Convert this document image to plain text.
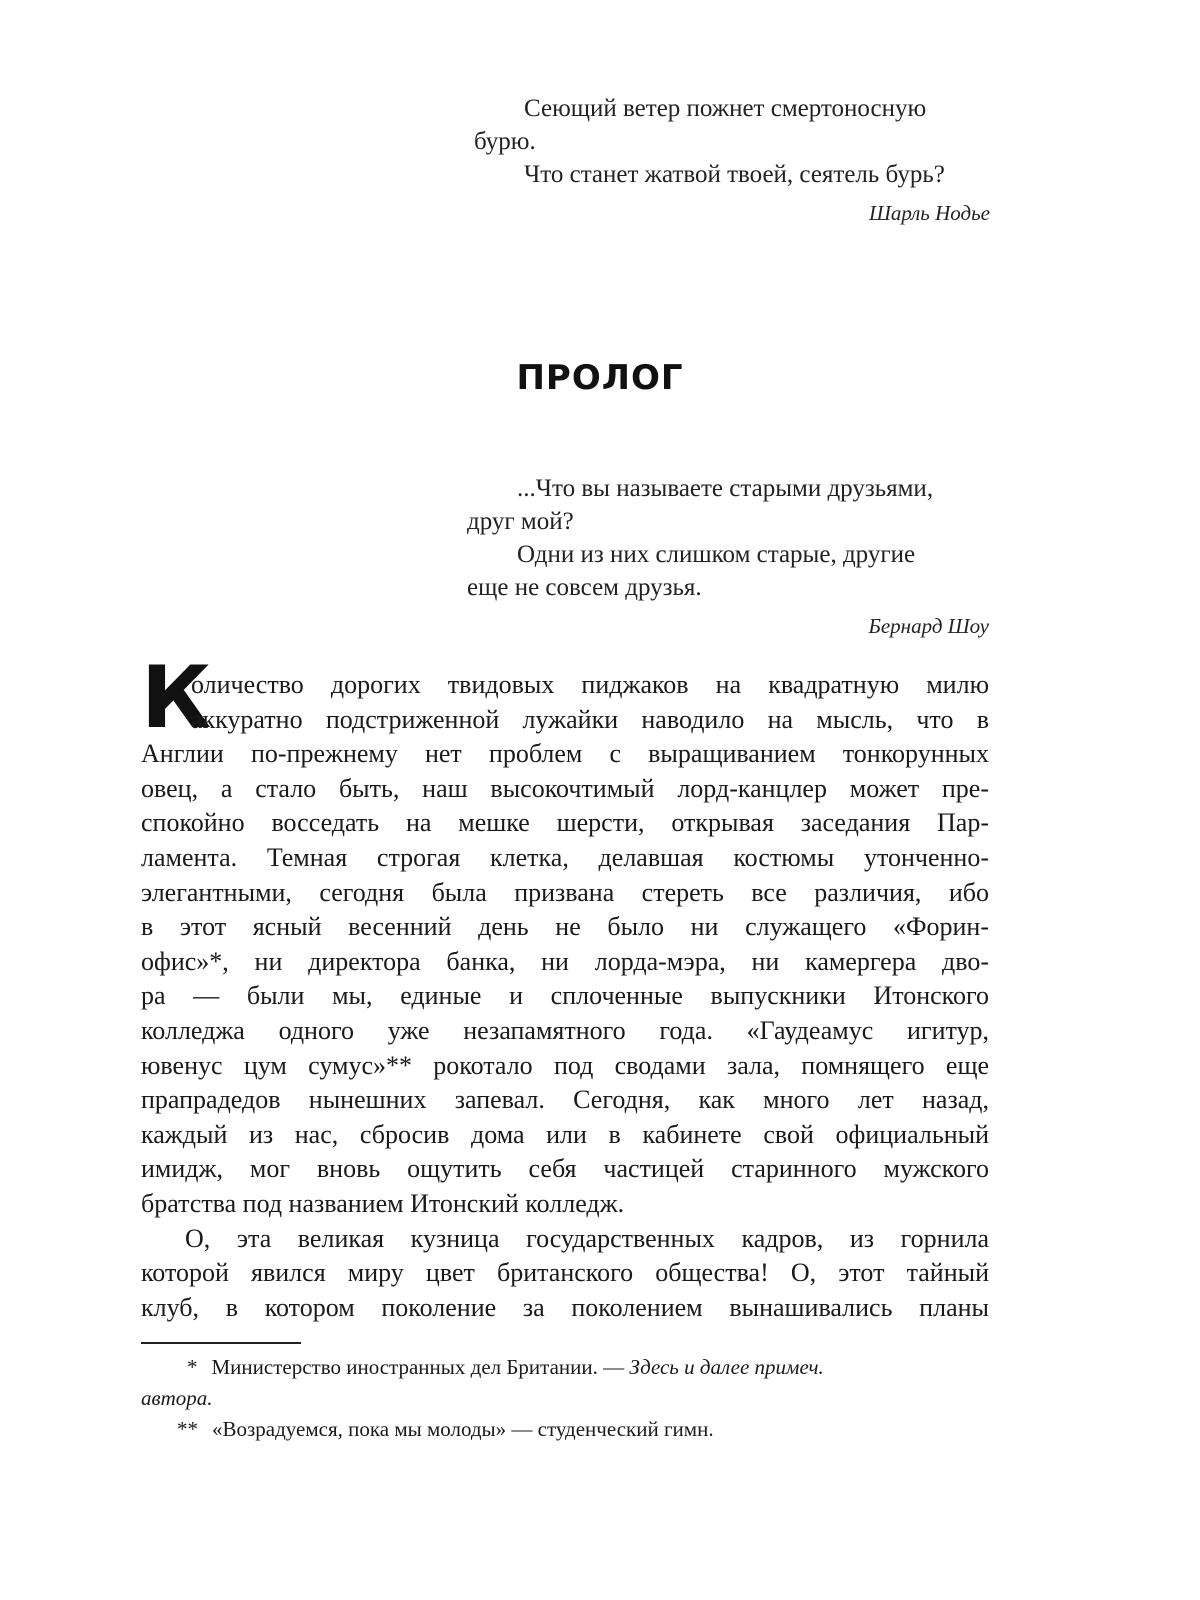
Сеющий ветер пожнет смертоносную
бурю.
Что станет жатвой твоей, сеятель бурь?
Шарль Нодье
ПРОЛОГ
...Что вы называете старыми друзьями,
друг мой?
Одни из них слишком старые, другие
еще не совсем друзья.
Бернард Шоу
К
оличество дорогих твидовых пиджаков на квадратную милю
аккуратно подстриженной лужайки наводило на мысль, что в
Англии по-прежнему нет проблем с выращиванием тонкорунных
овец, а стало быть, наш высокочтимый лорд-канцлер может пре-
спокойно восседать на мешке шерсти, открывая заседания Пар-
ламента. Темная строгая клетка, делавшая костюмы утонченно-
элегантными, сегодня была призвана стереть все различия, ибо
в этот ясный весенний день не было ни служащего «Форин-
офис»*, ни директора банка, ни лорда-мэра, ни камергера дво-
ра — были мы, единые и сплоченные выпускники Итонского
колледжа одного уже незапамятного года. «Гаудеамус игитур,
ювенус цум сумус»** рокотало под сводами зала, помнящего еще
прапрадедов нынешних запевал. Сегодня, как много лет назад,
каждый из нас, сбросив дома или в кабинете свой официальный
имидж, мог вновь ощутить себя частицей старинного мужского
братства под названием Итонский колледж.
О, эта великая кузница государственных кадров, из горнила
которой явился миру цвет британского общества! О, этот тайный
клуб, в котором поколение за поколением вынашивались планы
* Министерство иностранных дел Британии. — Здесь и далее примеч.
автора.
** «Возрадуемся, пока мы молоды» — студенческий гимн.
